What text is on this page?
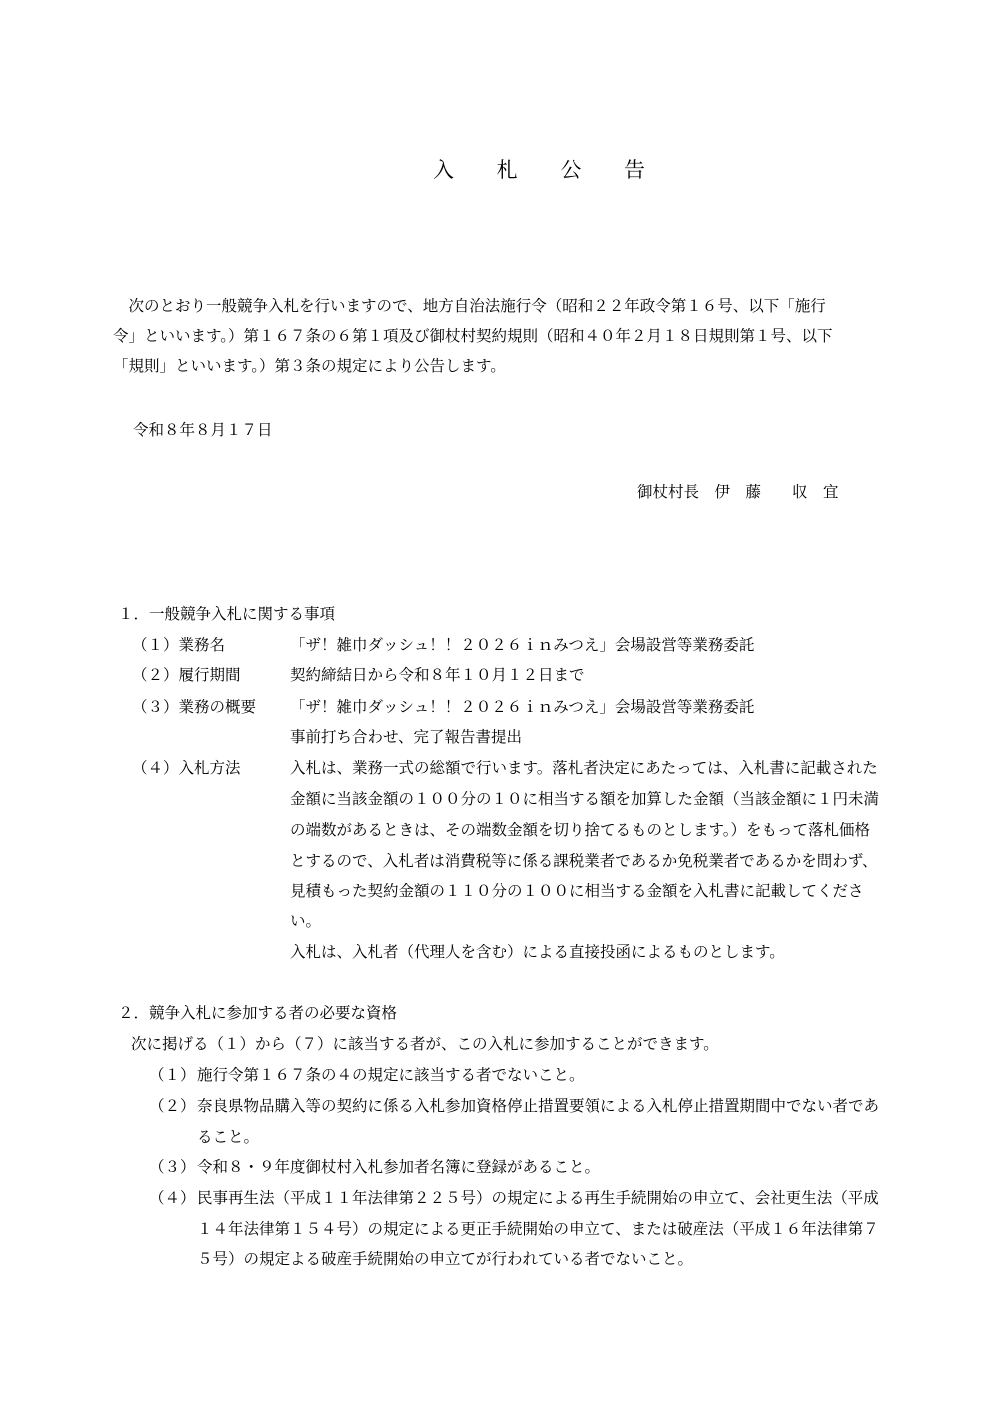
入 札 公 告
　次のとおり一般競争入札を行いますので、地方自治法施行令（昭和２２年政令第１６号、以下「施行
令」といいます。）第１６７条の６第１項及び御杖村契約規則（昭和４０年２月１８日規則第１号、以下
「規則」といいます。）第３条の規定により公告します。
令和８年８月１７日
御杖村長　伊　藤　　収　宜
１．一般競争入札に関する事項
（１）業務名	「ザ！雑巾ダッシュ！！２０２６ｉｎみつえ」会場設営等業務委託
（２）履行期間	契約締結日から令和８年１０月１２日まで
（３）業務の概要 「ザ！雑巾ダッシュ！！２０２６ｉｎみつえ」会場設営等業務委託
事前打ち合わせ、完了報告書提出
（４）入札方法	入札は、業務一式の総額で行います。落札者決定にあたっては、入札書に記載された
金額に当該金額の１００分の１０に相当する額を加算した金額（当該金額に１円未満
の端数があるときは、その端数金額を切り捨てるものとします。）をもって落札価格
とするので、入札者は消費税等に係る課税業者であるか免税業者であるかを問わず、
見積もった契約金額の１１０分の１００に相当する金額を入札書に記載してくださ
い。
入札は、入札者（代理人を含む）による直接投函によるものとします。
２．競争入札に参加する者の必要な資格
次に掲げる（１）から（７）に該当する者が、この入札に参加することができます。
（１） 施行令第１６７条の４の規定に該当する者でないこと。
（２） 奈良県物品購入等の契約に係る入札参加資格停止措置要領による入札停止措置期間中でない者であ
ること。
（３） 令和８・９年度御杖村入札参加者名簿に登録があること。
（４） 民事再生法（平成１１年法律第２２５号）の規定による再生手続開始の申立て、会社更生法（平成
１４年法律第１５４号）の規定による更正手続開始の申立て、または破産法（平成１６年法律第７
５号）の規定よる破産手続開始の申立てが行われている者でないこと。
